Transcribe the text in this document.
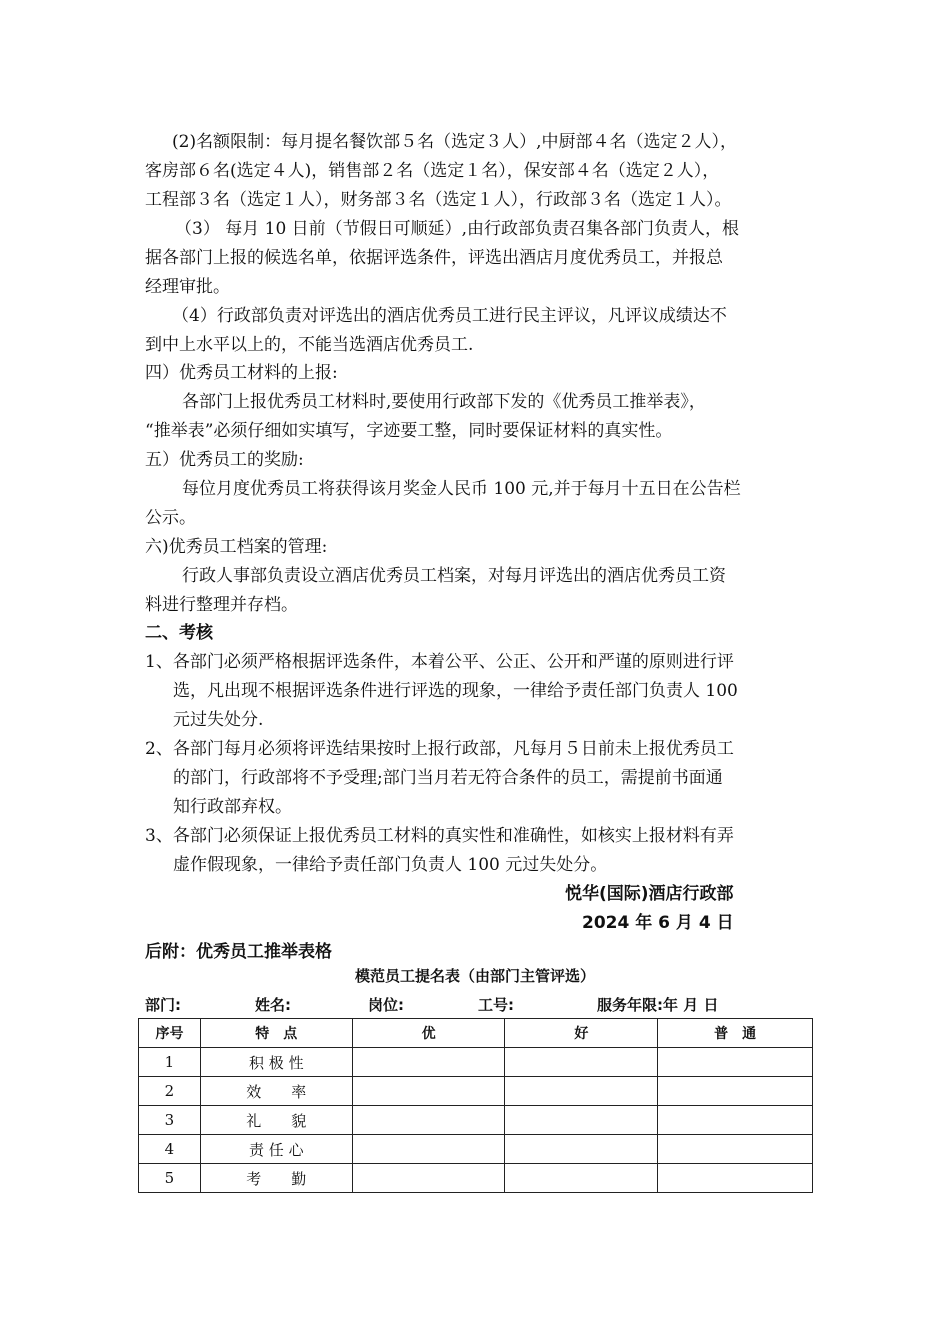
(2)名额限制：每月提名餐饮部５名（选定３人）,中厨部４名（选定２人），
客房部６名(选定４人)，销售部２名（选定１名），保安部４名（选定２人），
工程部３名（选定１人），财务部３名（选定１人），行政部３名（选定１人）。
（3） 每月 10 日前（节假日可顺延）,由行政部负责召集各部门负责人，根
据各部门上报的候选名单，依据评选条件，评选出酒店月度优秀员工，并报总
经理审批。
（4）行政部负责对评选出的酒店优秀员工进行民主评议，凡评议成绩达不
到中上水平以上的，不能当选酒店优秀员工.
四）优秀员工材料的上报:
各部门上报优秀员工材料时,要使用行政部下发的《优秀员工推举表》，
“推举表”必须仔细如实填写，字迹要工整，同时要保证材料的真实性。
五）优秀员工的奖励:
每位月度优秀员工将获得该月奖金人民币 100 元,并于每月十五日在公告栏
公示。
六)优秀员工档案的管理:
行政人事部负责设立酒店优秀员工档案，对每月评选出的酒店优秀员工资
料进行整理并存档。
二、考核
1、各部门必须严格根据评选条件，本着公平、公正、公开和严谨的原则进行评
选，凡出现不根据评选条件进行评选的现象，一律给予责任部门负责人 100
元过失处分.
2、各部门每月必须将评选结果按时上报行政部，凡每月５日前未上报优秀员工
的部门，行政部将不予受理;部门当月若无符合条件的员工，需提前书面通
知行政部弃权。
3、各部门必须保证上报优秀员工材料的真实性和准确性，如核实上报材料有弄
虚作假现象，一律给予责任部门负责人 100 元过失处分。
悦华(国际)酒店行政部
2024 年 6 月 4 日
后附：优秀员工推举表格
模范员工提名表（由部门主管评选）
部门:	姓名:	岗位:	工号:	服务年限:年 月 日
序号	特　点	优	好	普　通
1	积 极 性			
2	效　　率			
3	礼　　貌			
4	责 任 心			
5	考　　勤			
